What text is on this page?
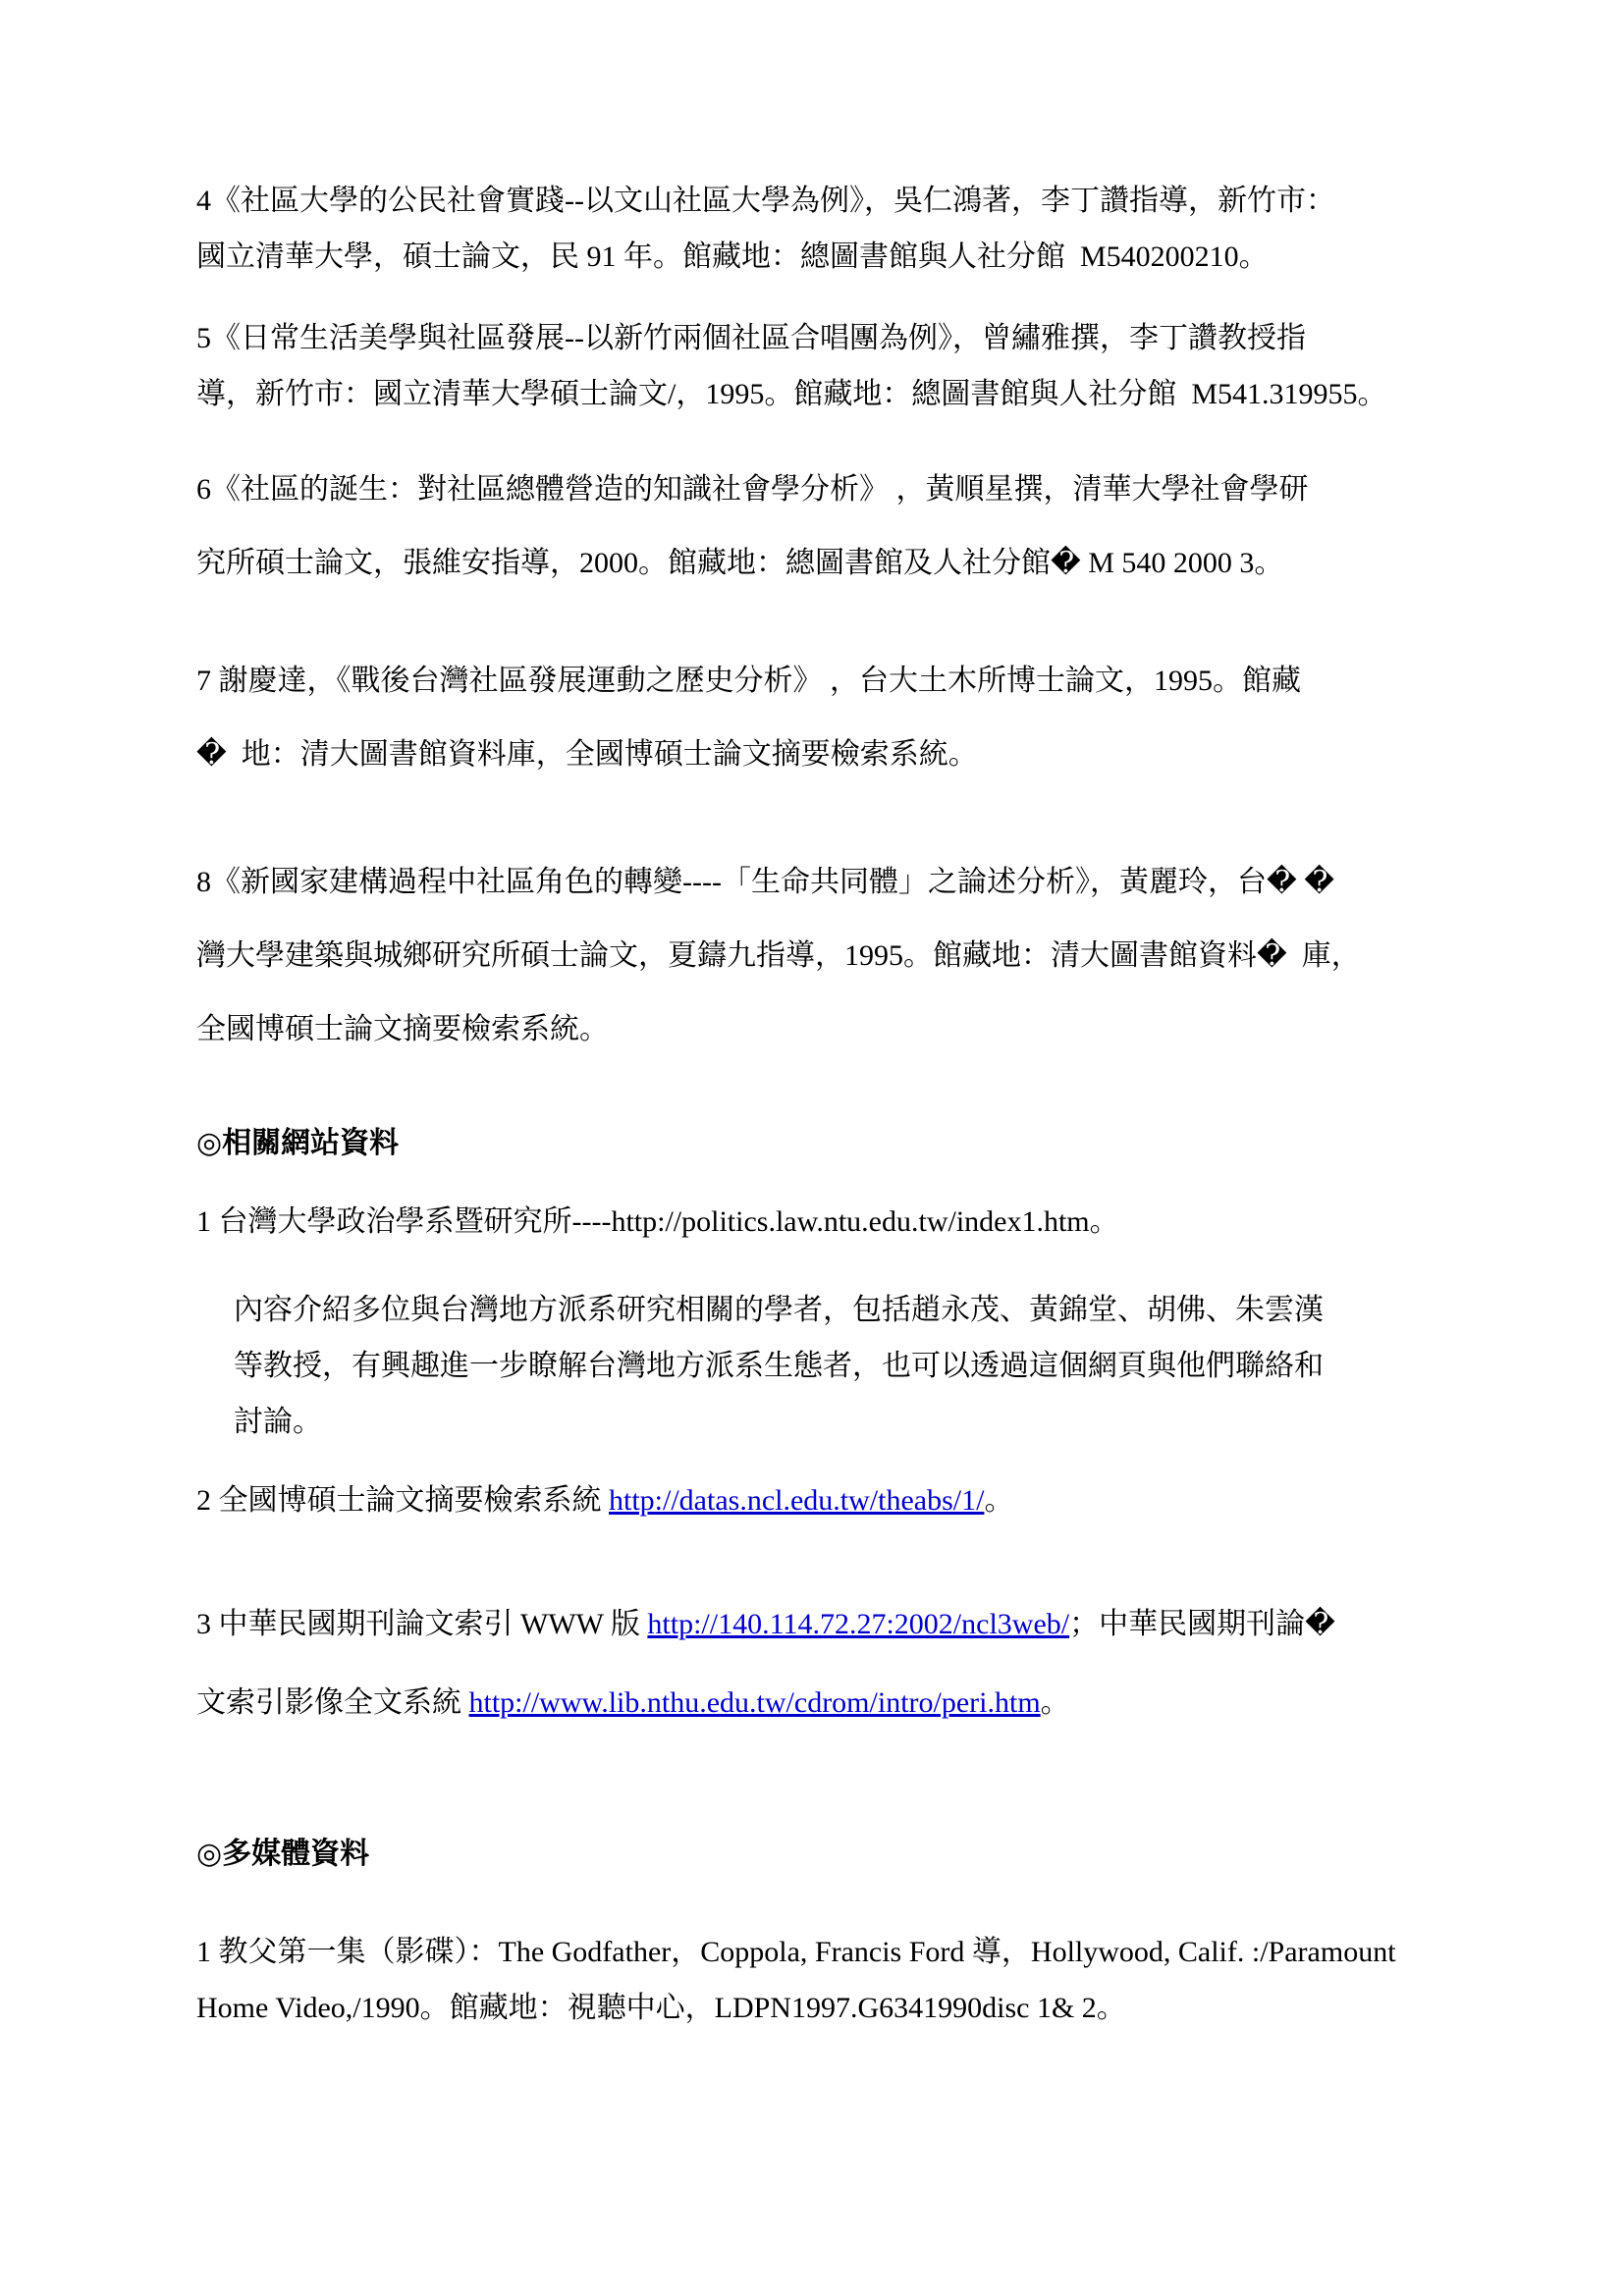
4《社區大學的公民社會實踐--以文山社區大學為例》，吳仁鴻著，李丁讚指導，新竹市：
國立清華大學，碩士論文，民 91 年。館藏地：總圖書館與人社分館  M540200210。

5《日常生活美學與社區發展--以新竹兩個社區合唱團為例》，曾繡雅撰，李丁讚教授指
導，新竹市：國立清華大學碩士論文/，1995。館藏地：總圖書館與人社分館  M541.319955。

6《社區的誕生：對社區總體營造的知識社會學分析》 ，黃順星撰，清華大學社會學研
究所碩士論文，張維安指導，2000。館藏地：總圖書館及人社分館� M 540 2000 3。

7 謝慶達，《戰後台灣社區發展運動之歷史分析》 ，台大土木所博士論文，1995。館藏
�  地：清大圖書館資料庫，全國博碩士論文摘要檢索系統。

8《新國家建構過程中社區角色的轉變----「生命共同體」之論述分析》，黃麗玲，台� �
灣大學建築與城鄉研究所碩士論文，夏鑄九指導，1995。館藏地：清大圖書館資料�  庫，
全國博碩士論文摘要檢索系統。

◎相關網站資料

1 台灣大學政治學系暨研究所----http://politics.law.ntu.edu.tw/index1.htm。

內容介紹多位與台灣地方派系研究相關的學者，包括趙永茂、黃錦堂、胡佛、朱雲漢
等教授，有興趣進一步瞭解台灣地方派系生態者，也可以透過這個網頁與他們聯絡和
討論。

2 全國博碩士論文摘要檢索系統 http://datas.ncl.edu.tw/theabs/1/。

3 中華民國期刊論文索引 WWW 版 http://140.114.72.27:2002/ncl3web/；中華民國期刊論�
文索引影像全文系統 http://www.lib.nthu.edu.tw/cdrom/intro/peri.htm。

◎多媒體資料

1 教父第一集（影碟）：The Godfather，Coppola, Francis Ford 導，Hollywood, Calif. :/Paramount
Home Video,/1990。館藏地：視聽中心，LDPN1997.G6341990disc 1& 2。
